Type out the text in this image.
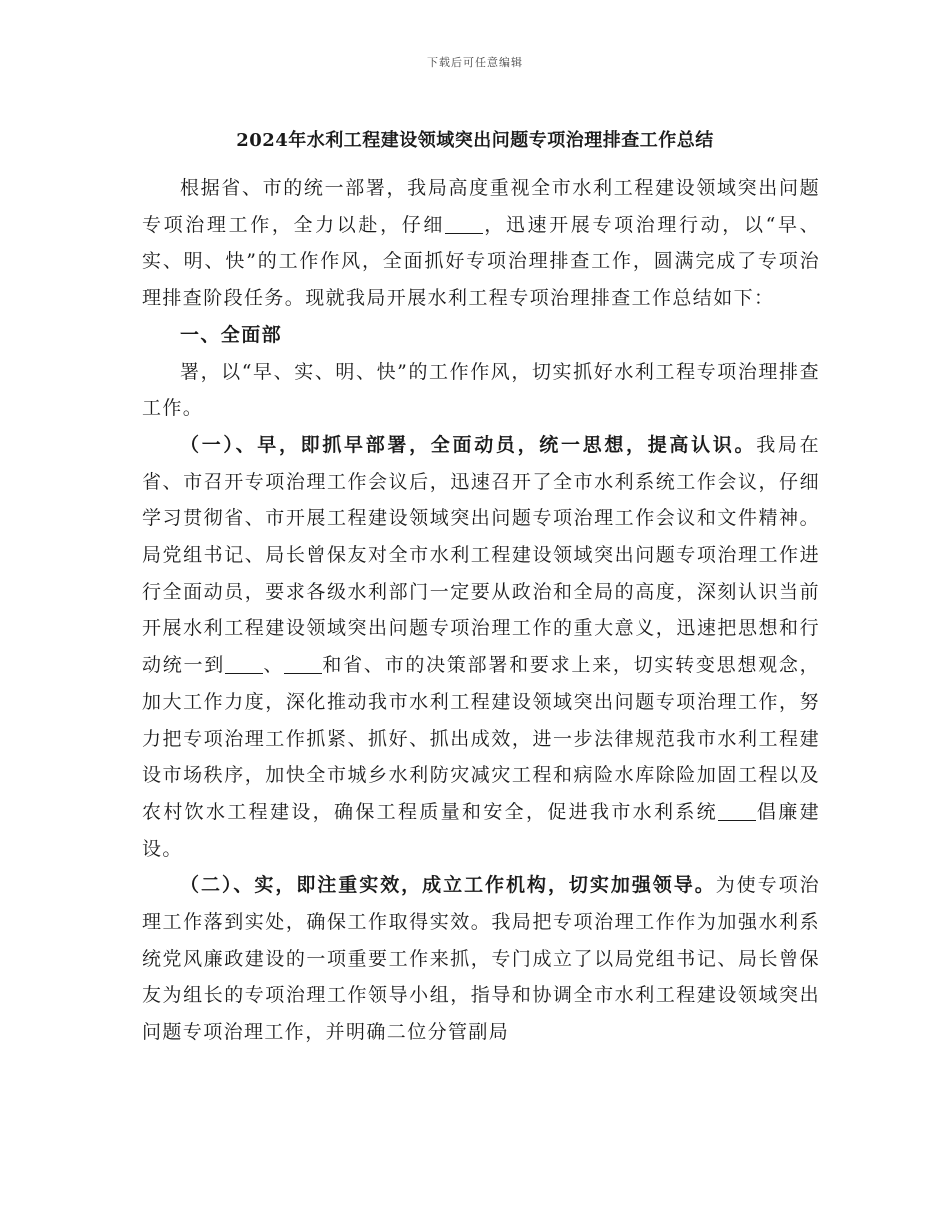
下载后可任意编辑
2024年水利工程建设领域突出问题专项治理排查工作总结

根据省、市的统一部署，我局高度重视全市水利工程建设领域突出问题专项治理工作，全力以赴，仔细 ，迅速开展专项治理行动，以“早、实、明、快”的工作作风，全面抓好专项治理排查工作，圆满完成了专项治理排查阶段任务。现就我局开展水利工程专项治理排查工作总结如下：

一、全面部

署，以“早、实、明、快”的工作作风，切实抓好水利工程专项治理排查工作。

（一）、早，即抓早部署，全面动员，统一思想，提高认识。我局在省、市召开专项治理工作会议后，迅速召开了全市水利系统工作会议，仔细学习贯彻省、市开展工程建设领域突出问题专项治理工作会议和文件精神。局党组书记、局长曾保友对全市水利工程建设领域突出问题专项治理工作进行全面动员，要求各级水利部门一定要从政治和全局的高度，深刻认识当前开展水利工程建设领域突出问题专项治理工作的重大意义，迅速把思想和行动统一到 、 和省、市的决策部署和要求上来，切实转变思想观念，加大工作力度，深化推动我市水利工程建设领域突出问题专项治理工作，努力把专项治理工作抓紧、抓好、抓出成效，进一步法律规范我市水利工程建设市场秩序，加快全市城乡水利防灾减灾工程和病险水库除险加固工程以及农村饮水工程建设，确保工程质量和安全，促进我市水利系统 倡廉建设。

（二）、实，即注重实效，成立工作机构，切实加强领导。为使专项治理工作落到实处，确保工作取得实效。我局把专项治理工作作为加强水利系统党风廉政建设的一项重要工作来抓，专门成立了以局党组书记、局长曾保友为组长的专项治理工作领导小组，指导和协调全市水利工程建设领域突出问题专项治理工作，并明确二位分管副局
